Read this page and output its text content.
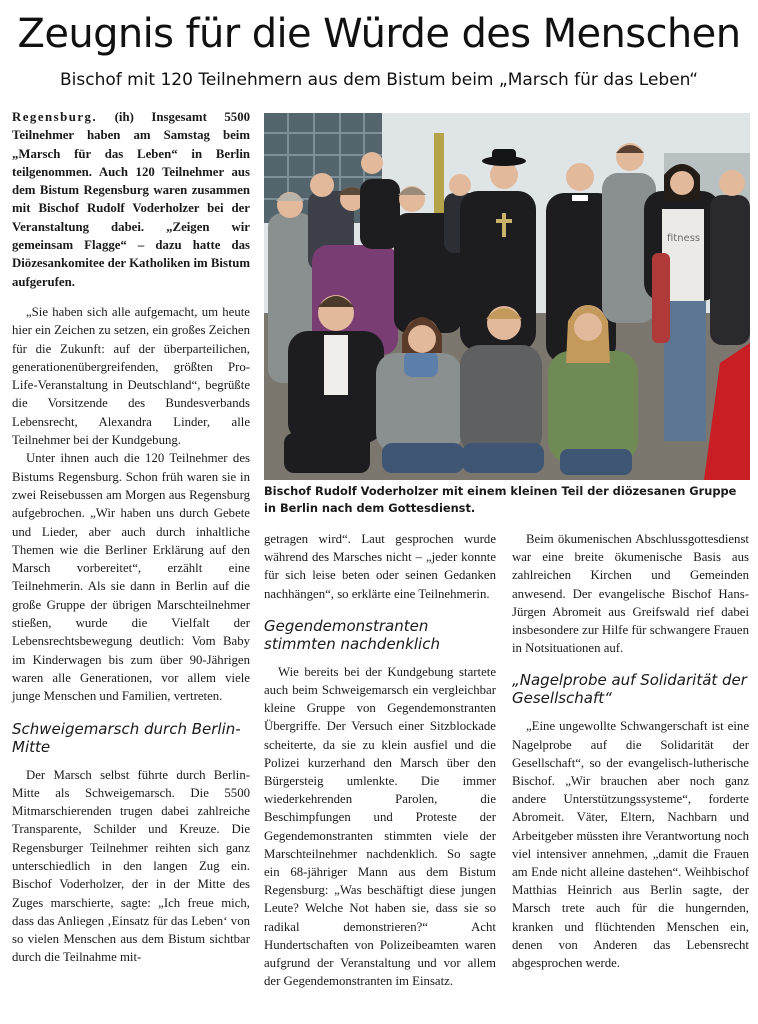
Zeugnis für die Würde des Menschen
Bischof mit 120 Teilnehmern aus dem Bistum beim „Marsch für das Leben“

Regensburg. (ih) Insgesamt 5500 Teilnehmer haben am Samstag beim „Marsch für das Leben“ in Berlin teilgenommen. Auch 120 Teilnehmer aus dem Bistum Regensburg waren zusammen mit Bischof Rudolf Voderholzer bei der Veranstaltung dabei. „Zeigen wir gemeinsam Flagge“ – dazu hatte das Diözesankomitee der Katholiken im Bistum aufgerufen.

„Sie haben sich alle aufgemacht, um heute hier ein Zeichen zu setzen, ein großes Zeichen für die Zukunft: auf der überparteilichen, generationenübergreifenden, größten Pro-Life-Veranstaltung in Deutschland“, begrüßte die Vorsitzende des Bundesverbands Lebensrecht, Alexandra Linder, alle Teilnehmer bei der Kundgebung.

Unter ihnen auch die 120 Teilnehmer des Bistums Regensburg. Schon früh waren sie in zwei Reisebussen am Morgen aus Regensburg aufgebrochen. „Wir haben uns durch Gebete und Lieder, aber auch durch inhaltliche Themen wie die Berliner Erklärung auf den Marsch vorbereitet“, erzählt eine Teilnehmerin. Als sie dann in Berlin auf die große Gruppe der übrigen Marschteilnehmer stießen, wurde die Vielfalt der Lebensrechtsbewegung deutlich: Vom Baby im Kinderwagen bis zum über 90-Jährigen waren alle Generationen, vor allem viele junge Menschen und Familien, vertreten.

Schweigemarsch durch Berlin-Mitte

Der Marsch selbst führte durch Berlin-Mitte als Schweigemarsch. Die 5500 Mitmarschierenden trugen dabei zahlreiche Transparente, Schilder und Kreuze. Die Regensburger Teilnehmer reihten sich ganz unterschiedlich in den langen Zug ein. Bischof Voderholzer, der in der Mitte des Zuges marschierte, sagte: „Ich freue mich, dass das Anliegen ‚Einsatz für das Leben‘ von so vielen Menschen aus dem Bistum sichtbar durch die Teilnahme mit-

fitness
Bischof Rudolf Voderholzer mit einem kleinen Teil der diözesanen Gruppe in Berlin nach dem Gottesdienst.

getragen wird“. Laut gesprochen wurde während des Marsches nicht – „jeder konnte für sich leise beten oder seinen Gedanken nachhängen“, so erklärte eine Teilnehmerin.

Gegendemonstranten stimmten nachdenklich

Wie bereits bei der Kundgebung startete auch beim Schweigemarsch ein vergleichbar kleine Gruppe von Gegendemonstranten Übergriffe. Der Versuch einer Sitzblockade scheiterte, da sie zu klein ausfiel und die Polizei kurzerhand den Marsch über den Bürgersteig umlenkte. Die immer wiederkehrenden Parolen, die Beschimpfungen und Proteste der Gegendemonstranten stimmten viele der Marschteilnehmer nachdenklich. So sagte ein 68-jähriger Mann aus dem Bistum Regensburg: „Was beschäftigt diese jungen Leute? Welche Not haben sie, dass sie so radikal demonstrieren?“ Acht Hundertschaften von Polizeibeamten waren aufgrund der Veranstaltung und vor allem der Gegendemonstranten im Einsatz.

Beim ökumenischen Abschlussgottesdienst war eine breite ökumenische Basis aus zahlreichen Kirchen und Gemeinden anwesend. Der evangelische Bischof Hans-Jürgen Abromeit aus Greifswald rief dabei insbesondere zur Hilfe für schwangere Frauen in Notsituationen auf.

„Nagelprobe auf Solidarität der Gesellschaft“

„Eine ungewollte Schwangerschaft ist eine Nagelprobe auf die Solidarität der Gesellschaft“, so der evangelisch-lutherische Bischof. „Wir brauchen aber noch ganz andere Unterstützungssysteme“, forderte Abromeit. Väter, Eltern, Nachbarn und Arbeitgeber müssten ihre Verantwortung noch viel intensiver annehmen, „damit die Frauen am Ende nicht alleine dastehen“. Weihbischof Matthias Heinrich aus Berlin sagte, der Marsch trete auch für die hungernden, kranken und flüchtenden Menschen ein, denen von Anderen das Lebensrecht abgesprochen werde.
